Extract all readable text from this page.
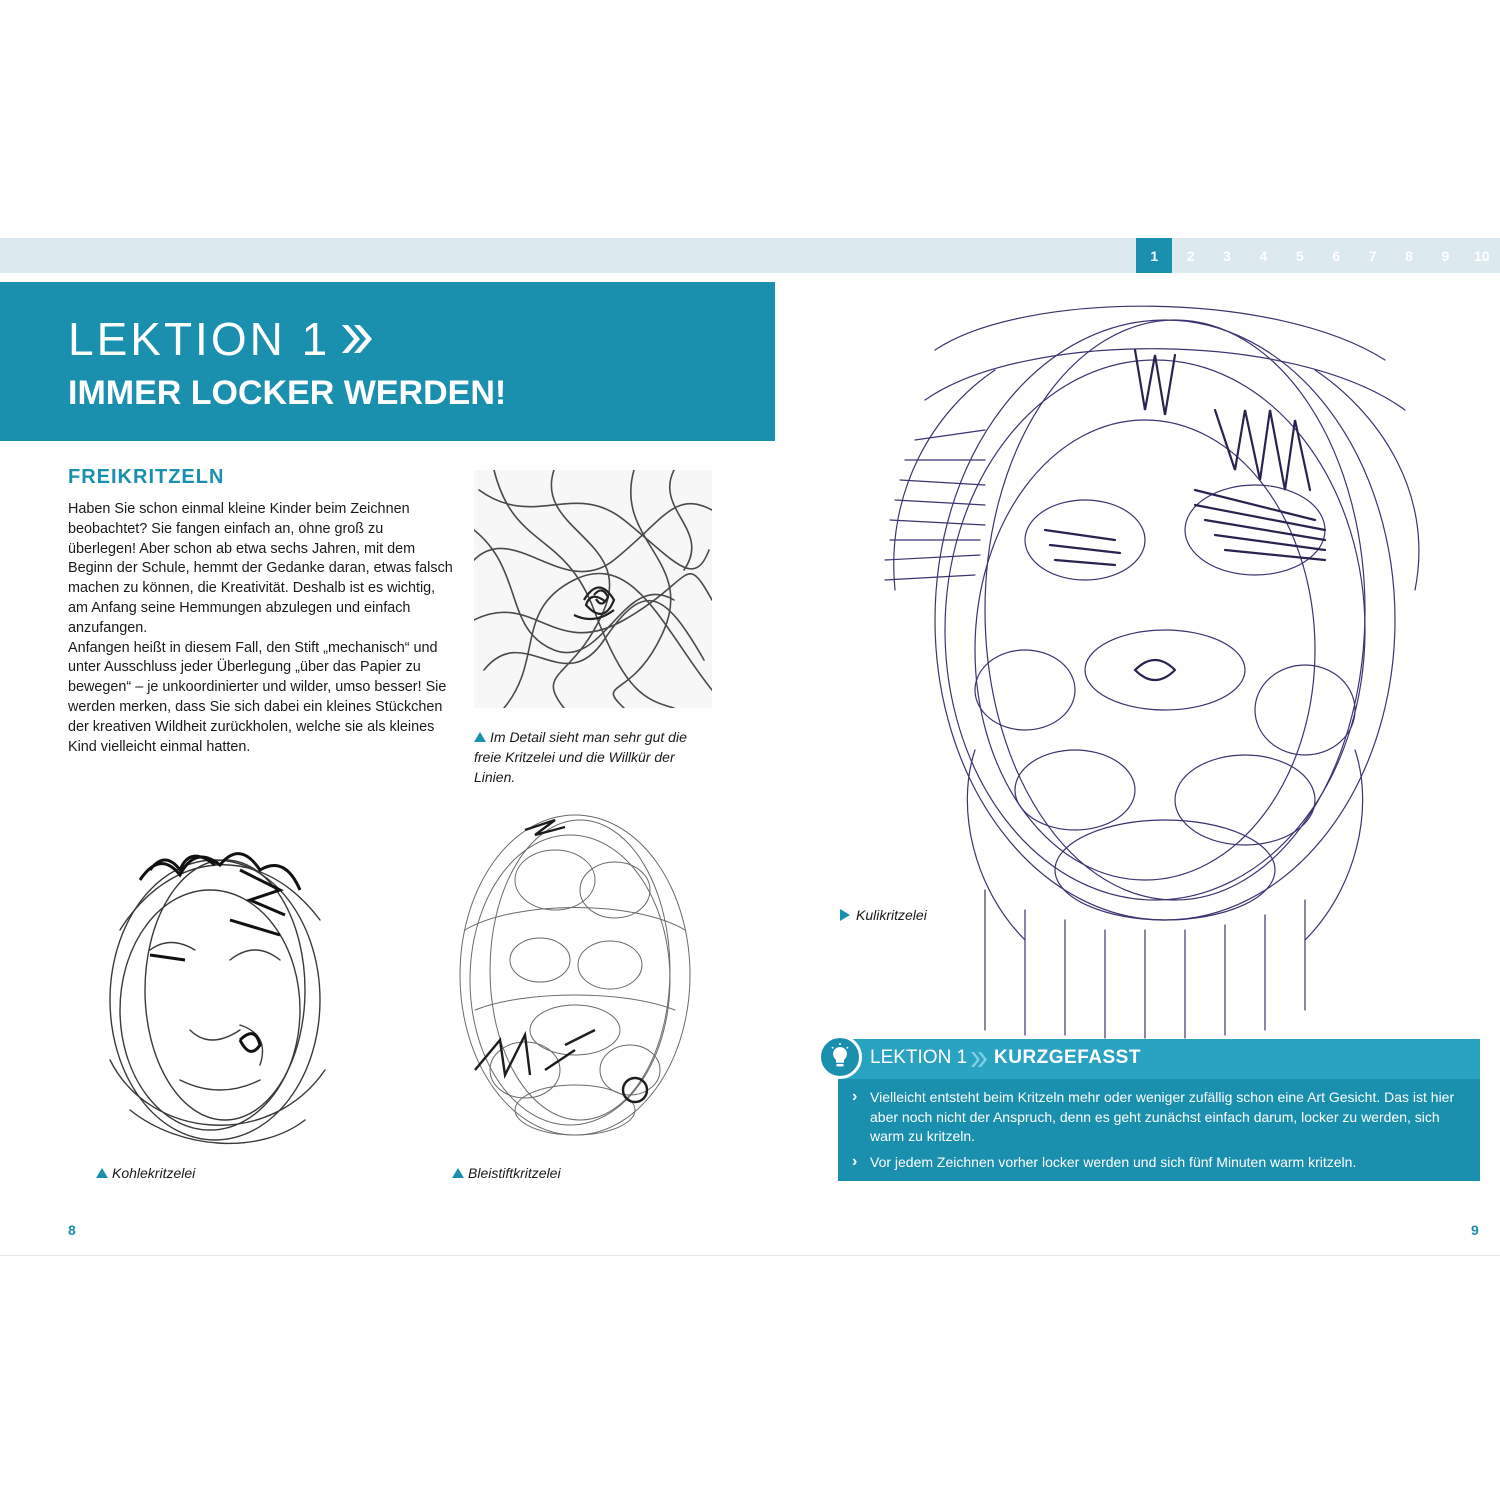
1	2	3	4	5	6	7	8	9	10
LEKTION 1
IMMER LOCKER WERDEN!
FREIKRITZELN

Haben Sie schon einmal kleine Kinder beim Zeichnen beobachtet? Sie fangen einfach an, ohne groß zu überlegen! Aber schon ab etwa sechs Jahren, mit dem Beginn der Schule, hemmt der Gedanke daran, etwas falsch machen zu können, die Kreativität. Deshalb ist es wichtig, am Anfang seine Hemmungen abzulegen und einfach anzufangen.

Anfangen heißt in diesem Fall, den Stift „mechanisch“ und unter Ausschluss jeder Überlegung „über das Papier zu bewegen“ – je unkoordinierter und wilder, umso besser! Sie werden merken, dass Sie sich dabei ein kleines Stückchen der kreativen Wildheit zurückholen, welche sie als kleines Kind vielleicht einmal hatten.

Im Detail sieht man sehr gut die freie Kritzelei und die Willkür der Linien.
Kohlekritzelei	Bleistiftkritzelei
Kulikritzelei
LEKTION 1 KURZGEFASST
› Vielleicht entsteht beim Kritzeln mehr oder weniger zufällig schon eine Art Gesicht. Das ist hier aber noch nicht der Anspruch, denn es geht zunächst einfach darum, locker zu werden, sich warm zu kritzeln.
› Vor jedem Zeichnen vorher locker werden und sich fünf Minuten warm kritzeln.
8	9
